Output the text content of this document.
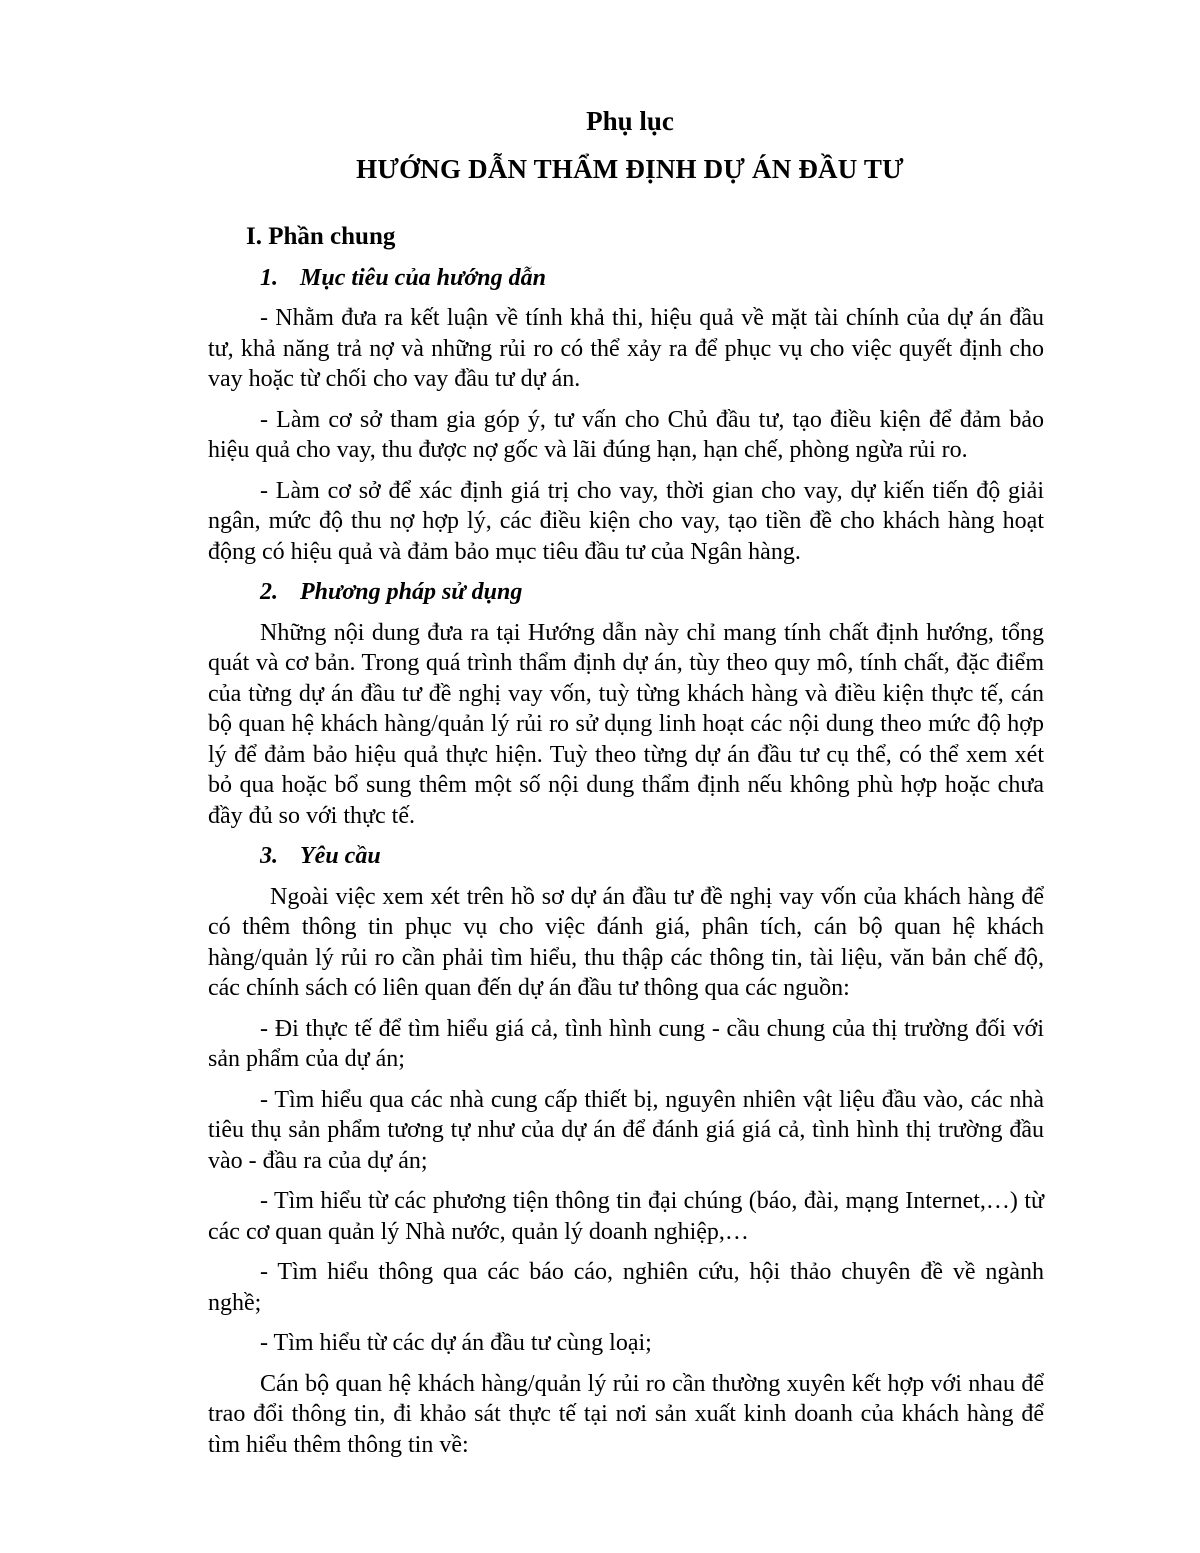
Phụ lục
HƯỚNG DẪN THẨM ĐỊNH DỰ ÁN ĐẦU TƯ

I. Phần chung

1. Mục tiêu của hướng dẫn

- Nhằm đưa ra kết luận về tính khả thi, hiệu quả về mặt tài chính của dự án đầu tư, khả năng trả nợ và những rủi ro có thể xảy ra để phục vụ cho việc quyết định cho vay hoặc từ chối cho vay đầu tư dự án.

- Làm cơ sở tham gia góp ý, tư vấn cho Chủ đầu tư, tạo điều kiện để đảm bảo hiệu quả cho vay, thu được nợ gốc và lãi đúng hạn, hạn chế, phòng ngừa rủi ro.

- Làm cơ sở để xác định giá trị cho vay, thời gian cho vay, dự kiến tiến độ giải ngân, mức độ thu nợ hợp lý, các điều kiện cho vay, tạo tiền đề cho khách hàng hoạt động có hiệu quả và đảm bảo mục tiêu đầu tư của Ngân hàng.

2. Phương pháp sử dụng

Những nội dung đưa ra tại Hướng dẫn này chỉ mang tính chất định hướng, tổng quát và cơ bản. Trong quá trình thẩm định dự án, tùy theo quy mô, tính chất, đặc điểm của từng dự án đầu tư đề nghị vay vốn, tuỳ từng khách hàng và điều kiện thực tế, cán bộ quan hệ khách hàng/quản lý rủi ro sử dụng linh hoạt các nội dung theo mức độ hợp lý để đảm bảo hiệu quả thực hiện. Tuỳ theo từng dự án đầu tư cụ thể, có thể xem xét bỏ qua hoặc bổ sung thêm một số nội dung thẩm định nếu không phù hợp hoặc chưa đầy đủ so với thực tế.

3. Yêu cầu

Ngoài việc xem xét trên hồ sơ dự án đầu tư đề nghị vay vốn của khách hàng để có thêm thông tin phục vụ cho việc đánh giá, phân tích, cán bộ quan hệ khách hàng/quản lý rủi ro cần phải tìm hiểu, thu thập các thông tin, tài liệu, văn bản chế độ, các chính sách có liên quan đến dự án đầu tư thông qua các nguồn:

- Đi thực tế để tìm hiểu giá cả, tình hình cung - cầu chung của thị trường đối với sản phẩm của dự án;

- Tìm hiểu qua các nhà cung cấp thiết bị, nguyên nhiên vật liệu đầu vào, các nhà tiêu thụ sản phẩm tương tự như của dự án để đánh giá giá cả, tình hình thị trường đầu vào - đầu ra của dự án;

- Tìm hiểu từ các phương tiện thông tin đại chúng (báo, đài, mạng Internet,…) từ các cơ quan quản lý Nhà nước, quản lý doanh nghiệp,…

- Tìm hiểu thông qua các báo cáo, nghiên cứu, hội thảo chuyên đề về ngành nghề;

- Tìm hiểu từ các dự án đầu tư cùng loại;

Cán bộ quan hệ khách hàng/quản lý rủi ro cần thường xuyên kết hợp với nhau để trao đổi thông tin, đi khảo sát thực tế tại nơi sản xuất kinh doanh của khách hàng để tìm hiểu thêm thông tin về:
